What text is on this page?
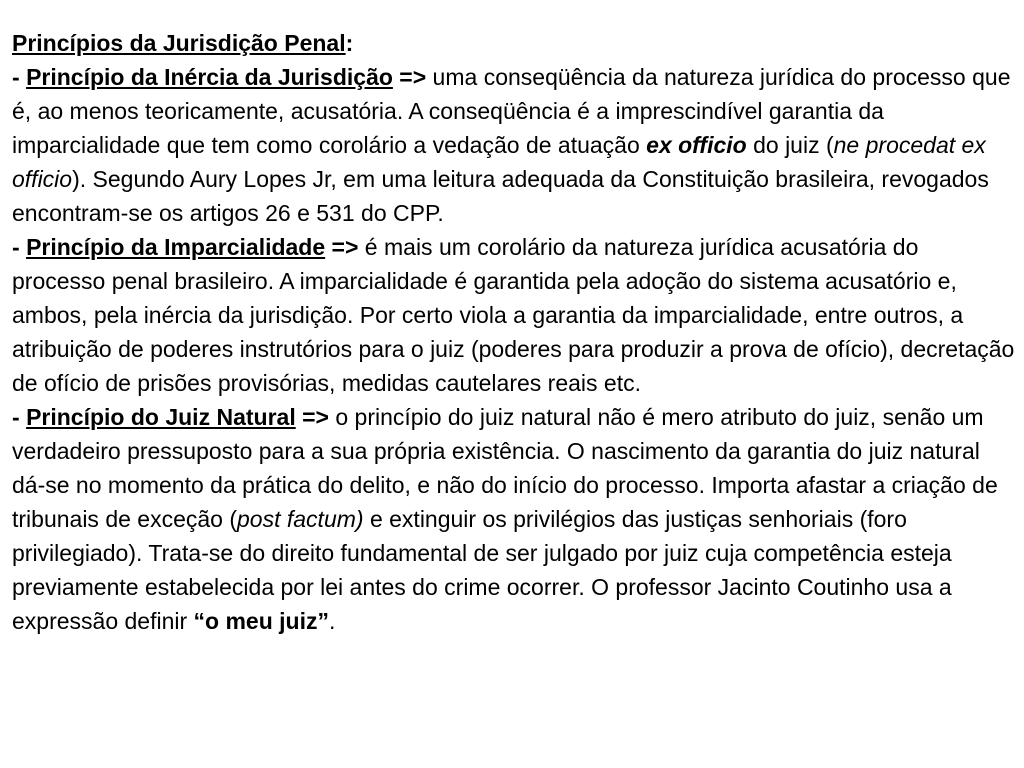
Princípios da Jurisdição Penal:

- Princípio da Inércia da Jurisdição => uma conseqüência da natureza jurídica do processo que é, ao menos teoricamente, acusatória. A conseqüência é a imprescindível garantia da imparcialidade que tem como corolário a vedação de atuação ex officio do juiz (ne procedat ex officio). Segundo Aury Lopes Jr, em uma leitura adequada da Constituição brasileira, revogados encontram-se os artigos 26 e 531 do CPP.

- Princípio da Imparcialidade => é mais um corolário da natureza jurídica acusatória do processo penal brasileiro. A imparcialidade é garantida pela adoção do sistema acusatório e, ambos, pela inércia da jurisdição. Por certo viola a garantia da imparcialidade, entre outros, a atribuição de poderes instrutórios para o juiz (poderes para produzir a prova de ofício), decretação de ofício de prisões provisórias, medidas cautelares reais etc.

- Princípio do Juiz Natural => o princípio do juiz natural não é mero atributo do juiz, senão um verdadeiro pressuposto para a sua própria existência. O nascimento da garantia do juiz natural dá-se no momento da prática do delito, e não do início do processo. Importa afastar a criação de tribunais de exceção (post factum) e extinguir os privilégios das justiças senhoriais (foro privilegiado). Trata-se do direito fundamental de ser julgado por juiz cuja competência esteja previamente estabelecida por lei antes do crime ocorrer. O professor Jacinto Coutinho usa a expressão definir “o meu juiz”.
